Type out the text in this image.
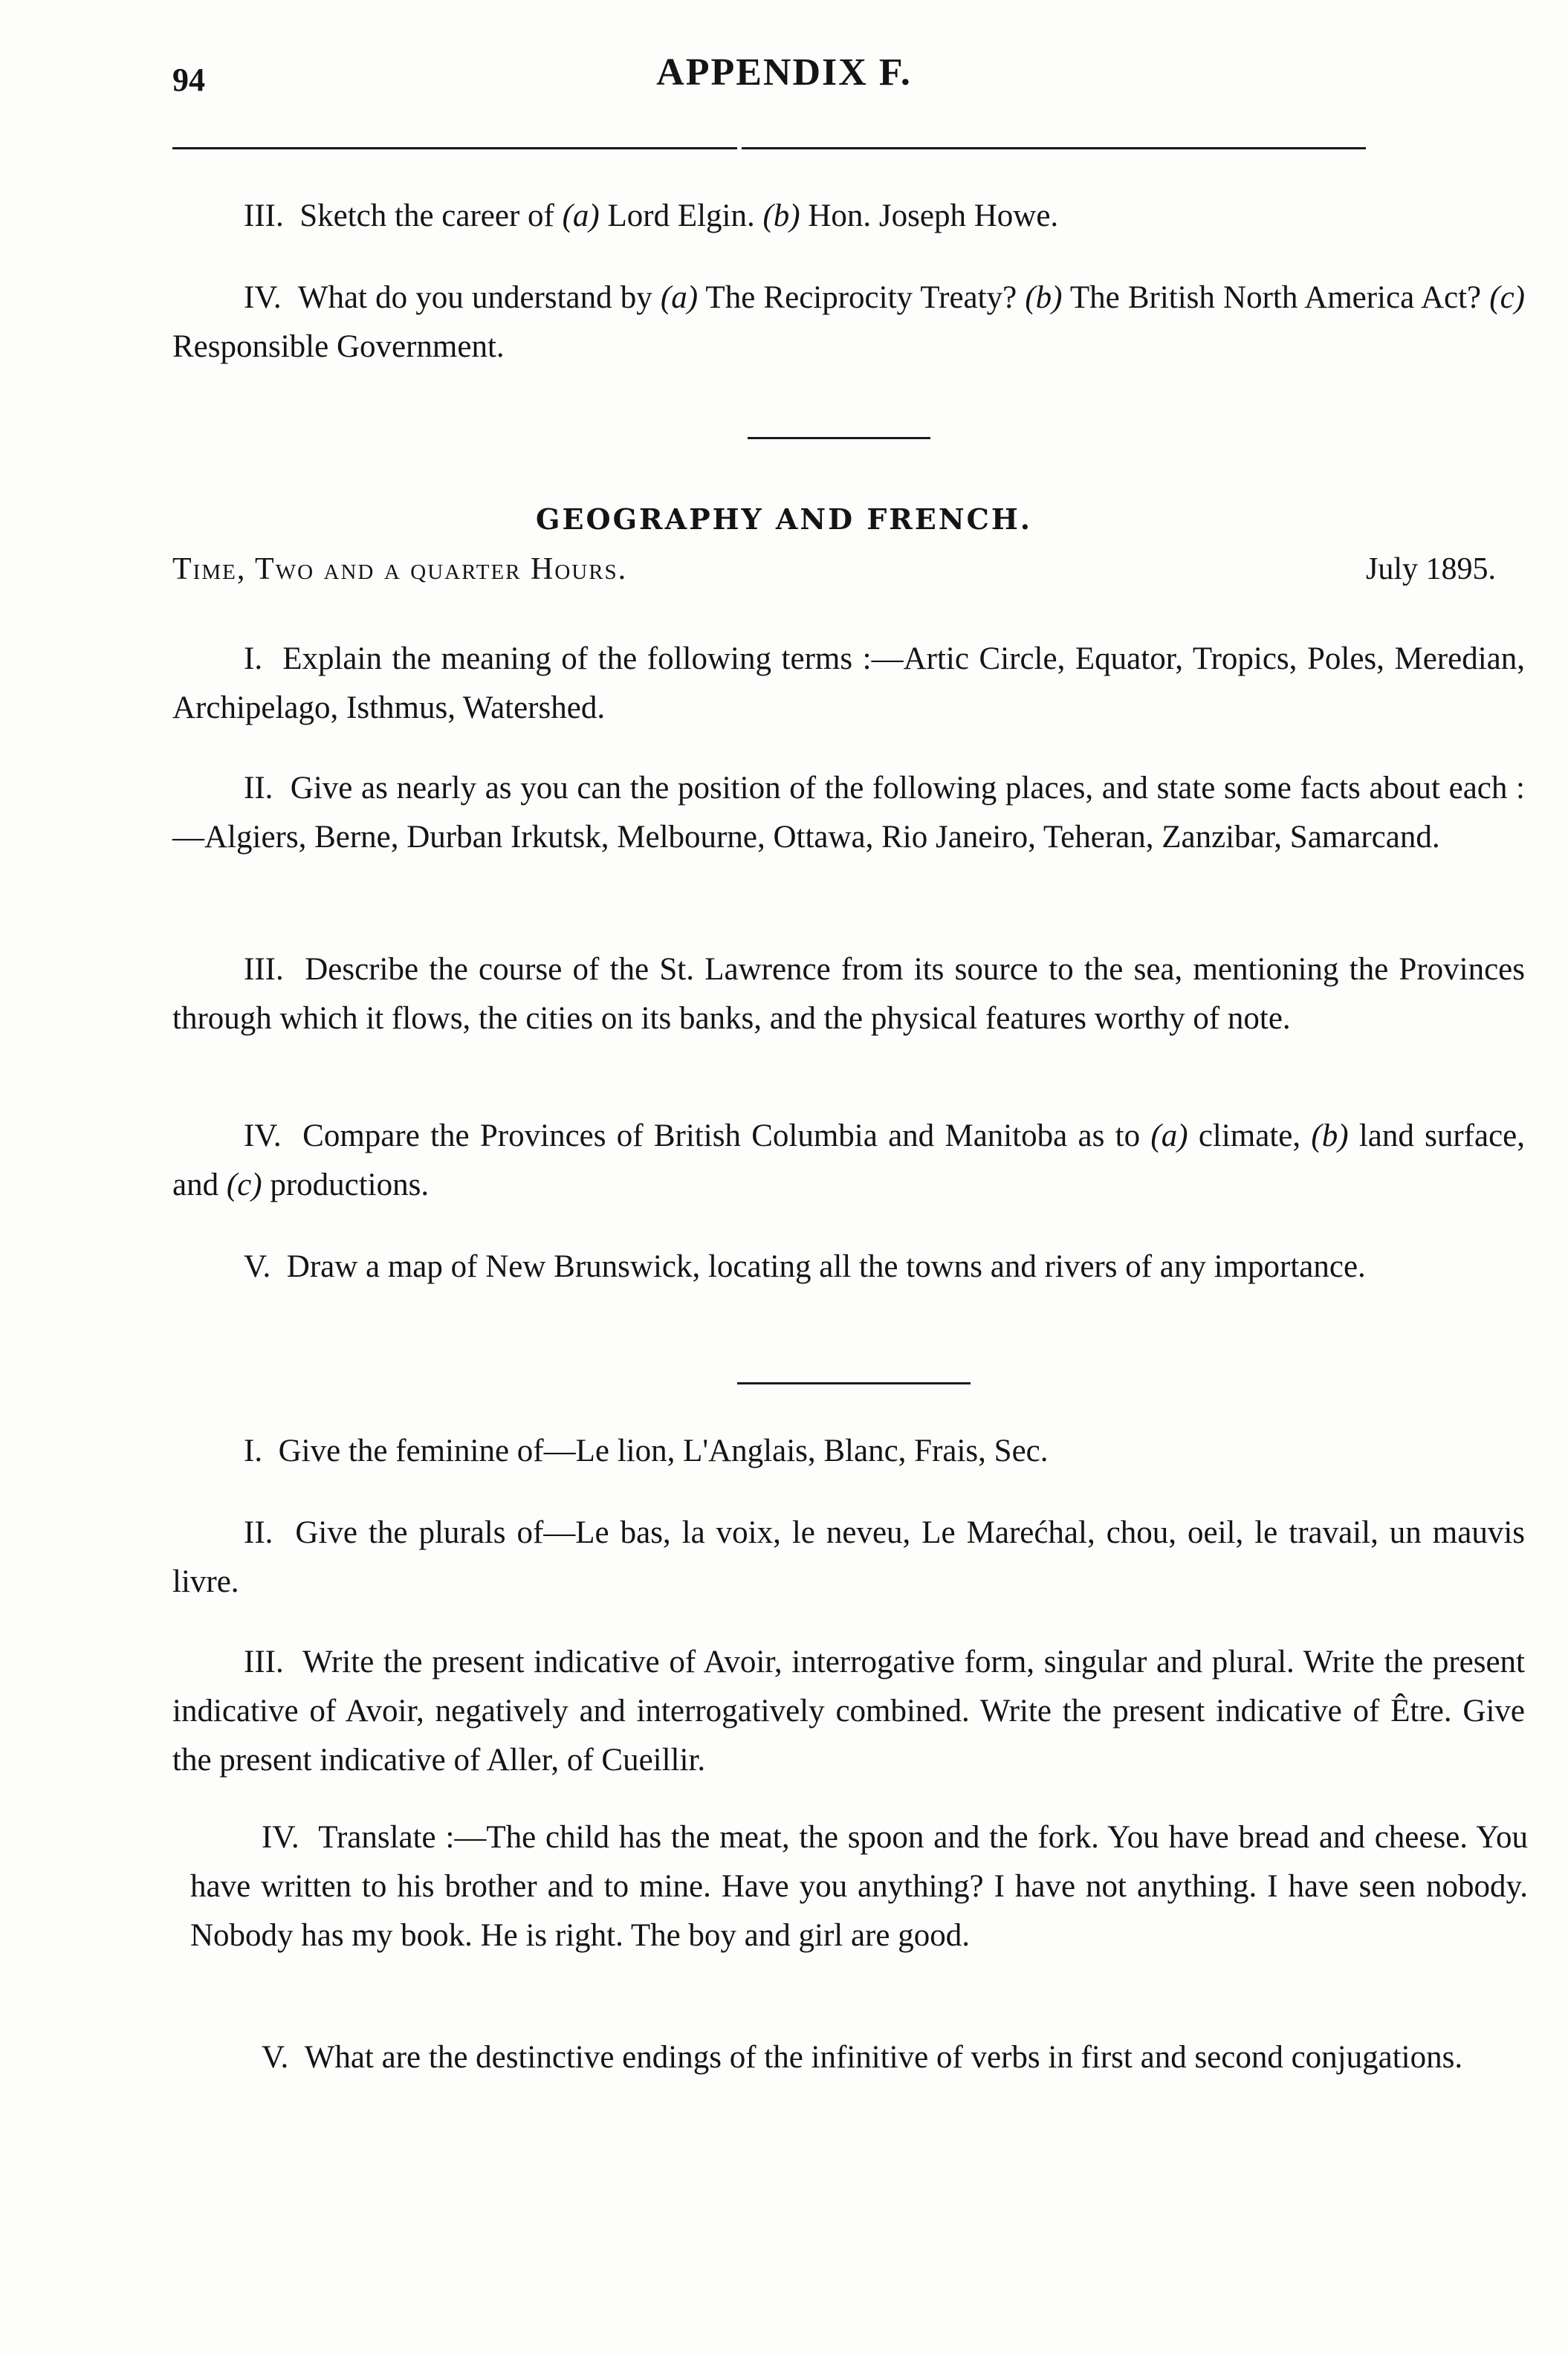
94	APPENDIX F.

III. Sketch the career of (a) Lord Elgin. (b) Hon. Joseph Howe.

IV. What do you understand by (a) The Reciprocity Treaty? (b) The British North America Act? (c) Responsible Government.

GEOGRAPHY AND FRENCH.
Time, Two and a quarter Hours.	July 1895.

I. Explain the meaning of the following terms :—Artic Circle, Equator, Tropics, Poles, Meredian, Archipelago, Isthmus, Watershed.

II. Give as nearly as you can the position of the following places, and state some facts about each :—Algiers, Berne, Durban Irkutsk, Melbourne, Ottawa, Rio Janeiro, Teheran, Zanzibar, Samarcand.

III. Describe the course of the St. Lawrence from its source to the sea, mentioning the Provinces through which it flows, the cities on its banks, and the physical features worthy of note.

IV. Compare the Provinces of British Columbia and Manitoba as to (a) climate, (b) land surface, and (c) productions.

V. Draw a map of New Brunswick, locating all the towns and rivers of any importance.

I. Give the feminine of—Le lion, L'Anglais, Blanc, Frais, Sec.

II. Give the plurals of—Le bas, la voix, le neveu, Le Marećhal, chou, oeil, le travail, un mauvis livre.

III. Write the present indicative of Avoir, interrogative form, singular and plural. Write the present indicative of Avoir, negatively and interrogatively combined. Write the present indicative of Être. Give the present indicative of Aller, of Cueillir.

IV. Translate :—The child has the meat, the spoon and the fork. You have bread and cheese. You have written to his brother and to mine. Have you anything? I have not anything. I have seen nobody. Nobody has my book. He is right. The boy and girl are good.

V. What are the destinctive endings of the infinitive of verbs in first and second conjugations.
